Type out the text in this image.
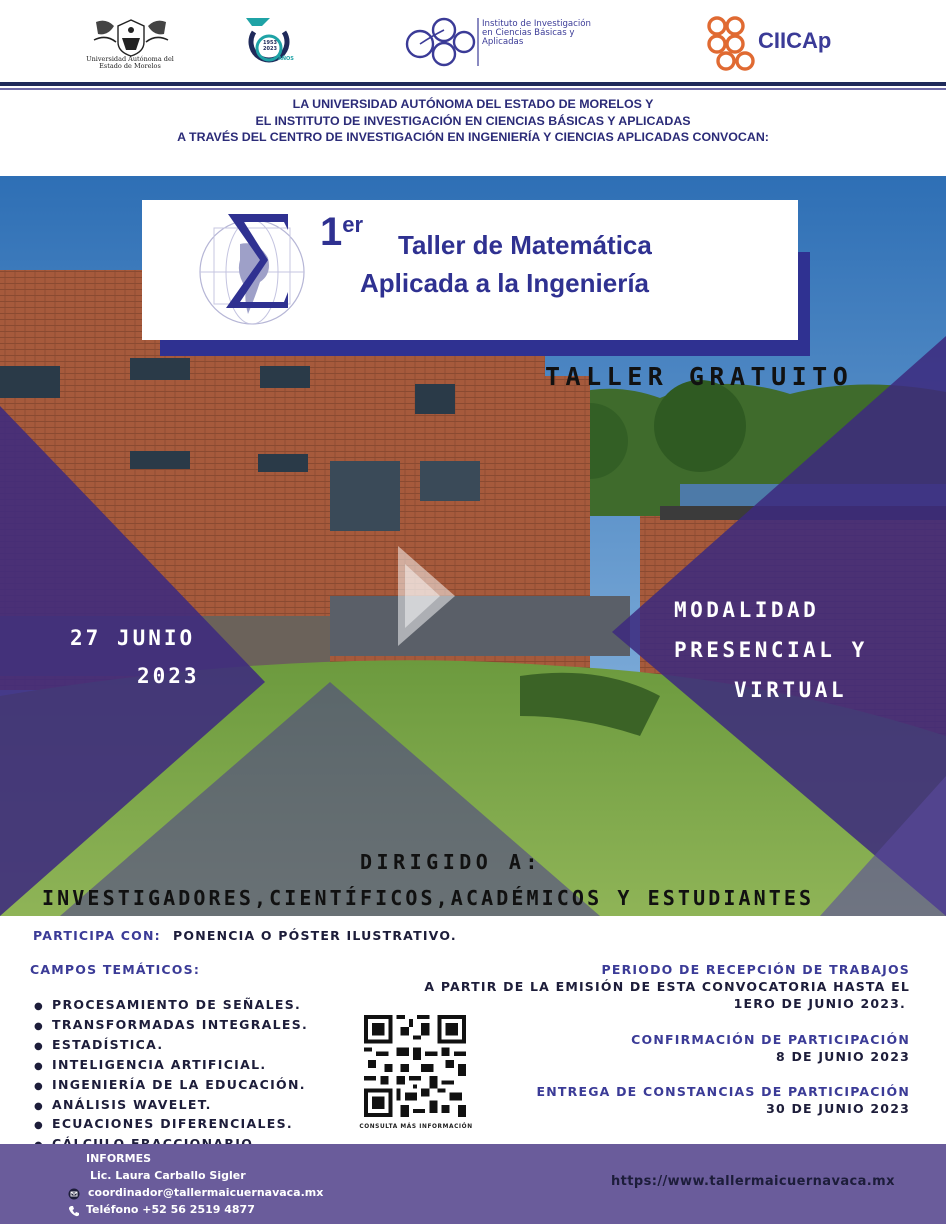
Universidad Autónoma del Estado de Morelos
1953 2023
AÑOS
Instituto de Investigación en Ciencias Básicas y Aplicadas	CIICAp
LA UNIVERSIDAD AUTÓNOMA DEL ESTADO DE MORELOS Y
EL INSTITUTO DE INVESTIGACIÓN EN CIENCIAS BÁSICAS Y APLICADAS
A TRAVÉS DEL CENTRO DE INVESTIGACIÓN EN INGENIERÍA Y CIENCIAS APLICADAS CONVOCAN:
1er
Taller de Matemática
Aplicada a la Ingeniería
TALLER GRATUITO
27 JUNIO
2023
MODALIDAD
PRESENCIAL Y
VIRTUAL
DIRIGIDO A:
INVESTIGADORES,CIENTÍFICOS,ACADÉMICOS Y ESTUDIANTES
PARTICIPA CON: PONENCIA O PÓSTER ILUSTRATIVO.
CAMPOS TEMÁTICOS:
● PROCESAMIENTO DE SEÑALES.
● TRANSFORMADAS INTEGRALES.
● ESTADÍSTICA.
● INTELIGENCIA ARTIFICIAL.
● INGENIERÍA DE LA EDUCACIÓN.
● ANÁLISIS WAVELET.
● ECUACIONES DIFERENCIALES.	CONSULTA MÁS INFORMACIÓN
PERIODO DE RECEPCIÓN DE TRABAJOS
A PARTIR DE LA EMISIÓN DE ESTA CONVOCATORIA HASTA EL
1ERO DE JUNIO 2023.
CONFIRMACIÓN DE PARTICIPACIÓN
8 DE JUNIO 2023
ENTREGA DE CONSTANCIAS DE PARTICIPACIÓN
30 DE JUNIO 2023
INFORMES
Lic. Laura Carballo Sigler
coordinador@tallermaicuernavaca.mx
Teléfono +52 56 2519 4877
https://www.tallermaicuernavaca.mx
